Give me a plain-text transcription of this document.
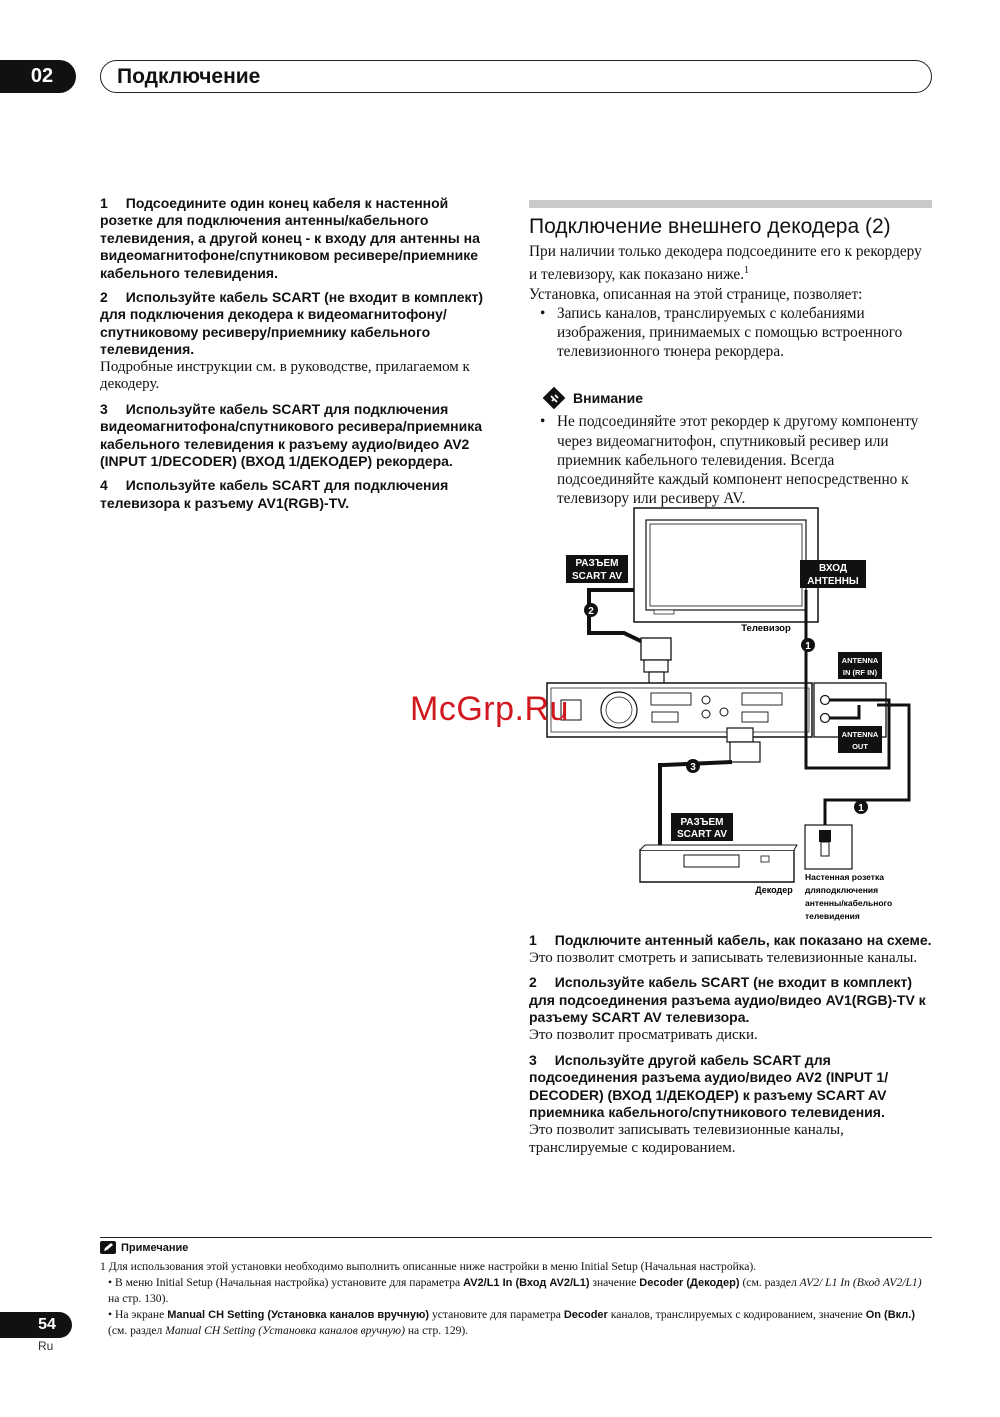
02	Подключение

1 Подсоедините один конец кабеля к настенной розетке для подключения антенны/кабельного телевидения, а другой конец - к входу для антенны на видеомагнитофоне/спутниковом ресивере/приемнике кабельного телевидения.

2 Используйте кабель SCART (не входит в комплект) для подключения декодера к видеомагнитофону/спутниковому ресиверу/приемнику кабельного телевидения.

Подробные инструкции см. в руководстве, прилагаемом к декодеру.

3 Используйте кабель SCART для подключения видеомагнитофона/спутникового ресивера/приемника кабельного телевидения к разъему аудио/видео AV2 (INPUT 1/DECODER) (ВХОД 1/ДЕКОДЕР) рекордера.

4 Используйте кабель SCART для подключения телевизора к разъему AV1(RGB)-TV.

Подключение внешнего декодера (2)

При наличии только декодера подсоедините его к рекордеру и телевизору, как показано ниже.$^1$

Установка, описанная на этой странице, позволяет:

• Запись каналов, транслируемых с колебаниями изображения, принимаемых с помощью встроенного телевизионного тюнера рекордера.

Внимание

• Не подсоединяйте этот рекордер к другому компоненту через видеомагнитофон, спутниковый ресивер или приемник кабельного телевидения. Всегда подсоединяйте каждый компонент непосредственно к телевизору или ресиверу AV.

РАЗЪЕМ
SCART AV
ВХОД
АНТЕННЫ
Телевизор
2
ANTENNA
IN (RF IN)
ANTENNA
OUT
1
1
3
РАЗЪЕМ
SCART AV
Декодер
Настенная розетка
дляподключения
антенны/кабельного
телевидения
McGrp.Ru

1 Подключите антенный кабель, как показано на схеме.

Это позволит смотреть и записывать телевизионные каналы.

2 Используйте кабель SCART (не входит в комплект) для подсоединения разъема аудио/видео AV1(RGB)-TV к разъему SCART AV телевизора.

Это позволит просматривать диски.

3 Используйте другой кабель SCART для подсоединения разъема аудио/видео AV2 (INPUT 1/ DECODER) (ВХОД 1/ДЕКОДЕР) к разъему SCART AV приемника кабельного/спутникового телевидения.

Это позволит записывать телевизионные каналы, транслируемые с кодированием.

Примечание

1 Для использования этой установки необходимо выполнить описанные ниже настройки в меню Initial Setup (Начальная настройка).

• В меню Initial Setup (Начальная настройка) установите для параметра AV2/L1 In (Вход AV2/L1) значение Decoder (Декодер) (см. раздел AV2/ L1 In (Вход AV2/L1) на стр. 130).

• На экране Manual CH Setting (Установка каналов вручную) установите для параметра Decoder каналов, транслируемых с кодированием, значение On (Вкл.) (см. раздел Manual CH Setting (Установка каналов вручную) на стр. 129).

54
Ru
